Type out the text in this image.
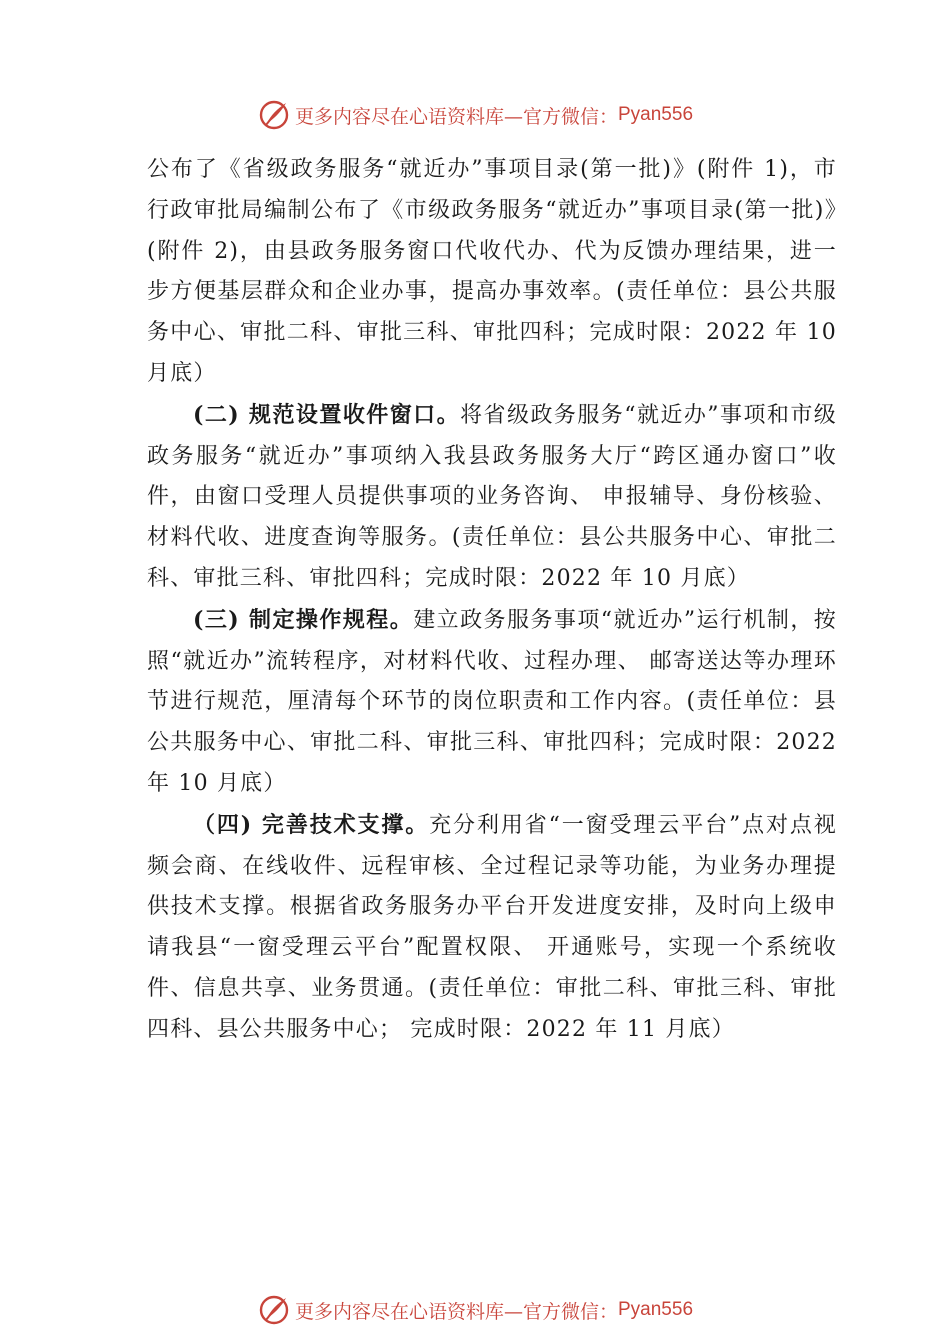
更多内容尽在心语资料库—官方微信： Pyan556

公布了《省级政务服务“就近办”事项目录(第一批)》(附件 1)，市行政审批局编制公布了《市级政务服务“就近办”事项目录(第一批)》(附件 2)，由县政务服务窗口代收代办、代为反馈办理结果，进一步方便基层群众和企业办事，提高办事效率。(责任单位：县公共服务中心、审批二科、审批三科、审批四科；完成时限：2022 年 10 月底）

(二) 规范设置收件窗口。将省级政务服务“就近办”事项和市级政务服务“就近办”事项纳入我县政务服务大厅“跨区通办窗口”收件，由窗口受理人员提供事项的业务咨询、 申报辅导、身份核验、材料代收、进度查询等服务。(责任单位：县公共服务中心、审批二科、审批三科、审批四科；完成时限：2022 年 10 月底）

(三) 制定操作规程。建立政务服务事项“就近办”运行机制，按照“就近办”流转程序，对材料代收、过程办理、 邮寄送达等办理环节进行规范，厘清每个环节的岗位职责和工作内容。(责任单位：县公共服务中心、审批二科、审批三科、审批四科；完成时限：2022 年 10 月底）

（四) 完善技术支撑。充分利用省“一窗受理云平台”点对点视频会商、在线收件、远程审核、全过程记录等功能，为业务办理提供技术支撑。根据省政务服务办平台开发进度安排，及时向上级申请我县“一窗受理云平台”配置权限、 开通账号，实现一个系统收件、信息共享、业务贯通。(责任单位：审批二科、审批三科、审批四科、县公共服务中心； 完成时限：2022 年 11 月底）

更多内容尽在心语资料库—官方微信： Pyan556
